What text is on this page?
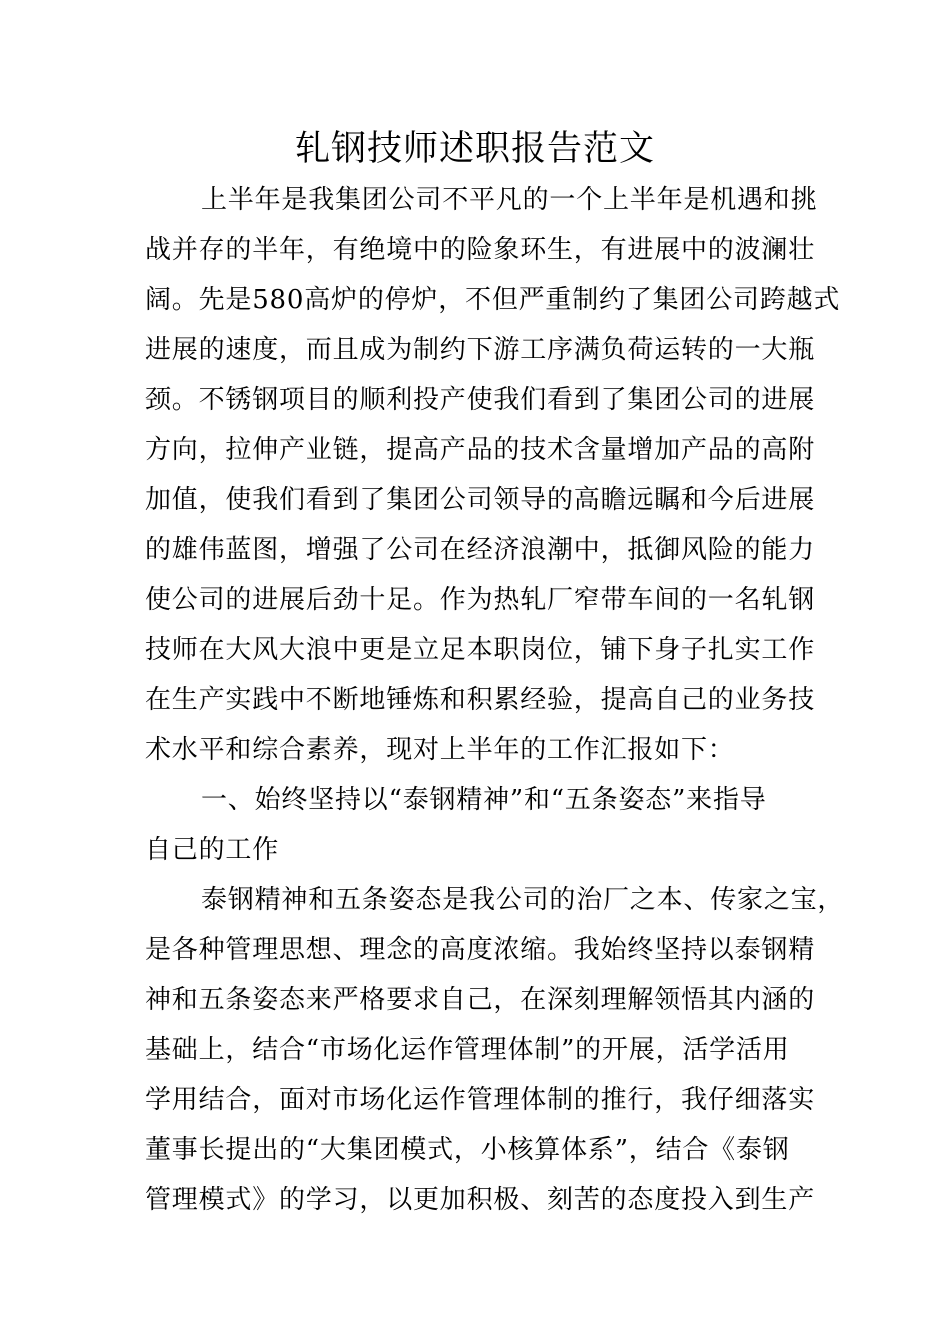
轧钢技师述职报告范文
上半年是我集团公司不平凡的一个上半年是机遇和挑
战并存的半年，有绝境中的险象环生，有进展中的波澜壮
阔。先是580高炉的停炉，不但严重制约了集团公司跨越式
进展的速度，而且成为制约下游工序满负荷运转的一大瓶
颈。不锈钢项目的顺利投产使我们看到了集团公司的进展
方向，拉伸产业链，提高产品的技术含量增加产品的高附
加值，使我们看到了集团公司领导的高瞻远瞩和今后进展
的雄伟蓝图，增强了公司在经济浪潮中，抵御风险的能力
使公司的进展后劲十足。作为热轧厂窄带车间的一名轧钢
技师在大风大浪中更是立足本职岗位，铺下身子扎实工作
在生产实践中不断地锤炼和积累经验，提高自己的业务技
术水平和综合素养，现对上半年的工作汇报如下：
一、始终坚持以“泰钢精神”和“五条姿态”来指导
自己的工作
泰钢精神和五条姿态是我公司的治厂之本、传家之宝，
是各种管理思想、理念的高度浓缩。我始终坚持以泰钢精
神和五条姿态来严格要求自己，在深刻理解领悟其内涵的
基础上，结合“市场化运作管理体制”的开展，活学活用
学用结合，面对市场化运作管理体制的推行，我仔细落实
董事长提出的“大集团模式，小核算体系”，结合《泰钢
管理模式》的学习，以更加积极、刻苦的态度投入到生产
